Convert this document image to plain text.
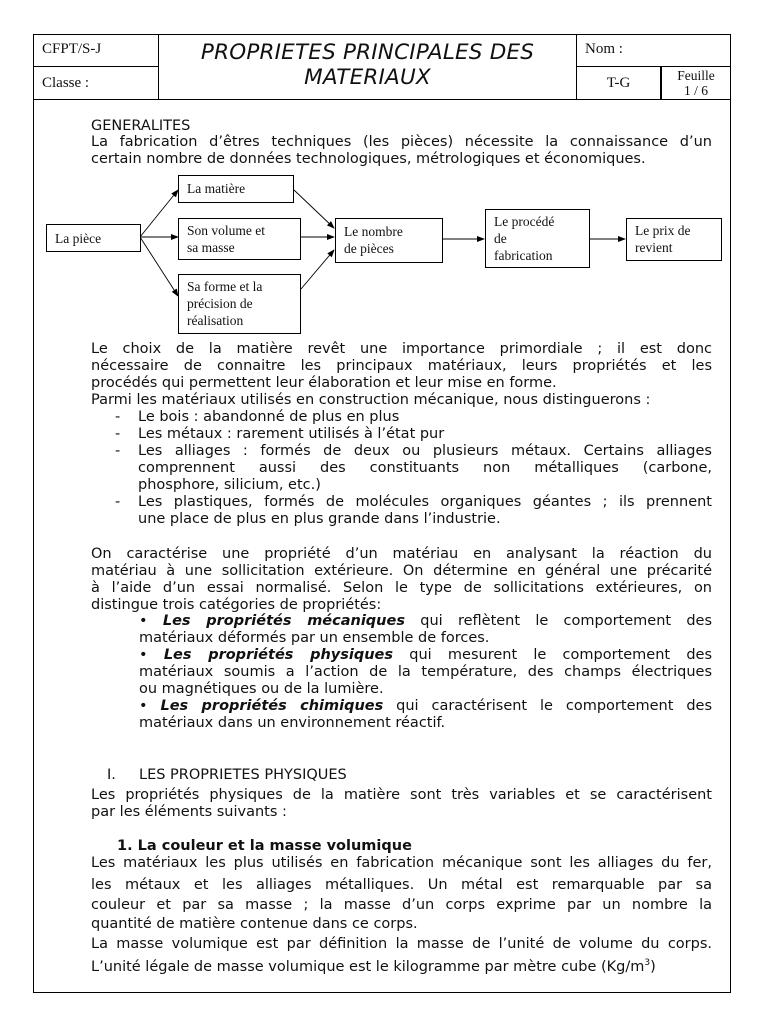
CFPT/S-J
Classe :
PROPRIETES PRINCIPALES DES
MATERIAUX
Nom :
T-G	Feuille
1 / 6
GENERALITES
La fabrication d’êtres techniques (les pièces) nécessite la connaissance d’un
certain nombre de données technologiques, métrologiques et économiques.
La pièce
La matière
Son volume et
sa masse
Sa forme et la
précision de
réalisation
Le nombre
de pièces
Le procédé
de
fabrication
Le prix de
revient
Le choix de la matière revêt une importance primordiale ; il est donc
nécessaire de connaitre les principaux matériaux, leurs propriétés et les
procédés qui permettent leur élaboration et leur mise en forme.
Parmi les matériaux utilisés en construction mécanique, nous distinguerons :
- Le bois : abandonné de plus en plus
- Les métaux : rarement utilisés à l’état pur
- Les alliages : formés de deux ou plusieurs métaux. Certains alliages
comprennent aussi des constituants non métalliques (carbone,
phosphore, silicium, etc.)
- Les plastiques, formés de molécules organiques géantes ; ils prennent
une place de plus en plus grande dans l’industrie.
On caractérise une propriété d’un matériau en analysant la réaction du
matériau à une sollicitation extérieure. On détermine en général une précarité
à l’aide d’un essai normalisé. Selon le type de sollicitations extérieures, on
distingue trois catégories de propriétés:
• Les propriétés mécaniques qui reflètent le comportement des
matériaux déformés par un ensemble de forces.
• Les propriétés physiques qui mesurent le comportement des
matériaux soumis a l’action de la température, des champs électriques
ou magnétiques ou de la lumière.
• Les propriétés chimiques qui caractérisent le comportement des
matériaux dans un environnement réactif.
I. LES PROPRIETES PHYSIQUES
Les propriétés physiques de la matière sont très variables et se caractérisent
par les éléments suivants :
1. La couleur et la masse volumique
Les matériaux les plus utilisés en fabrication mécanique sont les alliages du fer,
les métaux et les alliages métalliques. Un métal est remarquable par sa
couleur et par sa masse ; la masse d’un corps exprime par un nombre la
quantité de matière contenue dans ce corps.
La masse volumique est par définition la masse de l’unité de volume du corps.
L’unité légale de masse volumique est le kilogramme par mètre cube $(Kg/m^3)$
